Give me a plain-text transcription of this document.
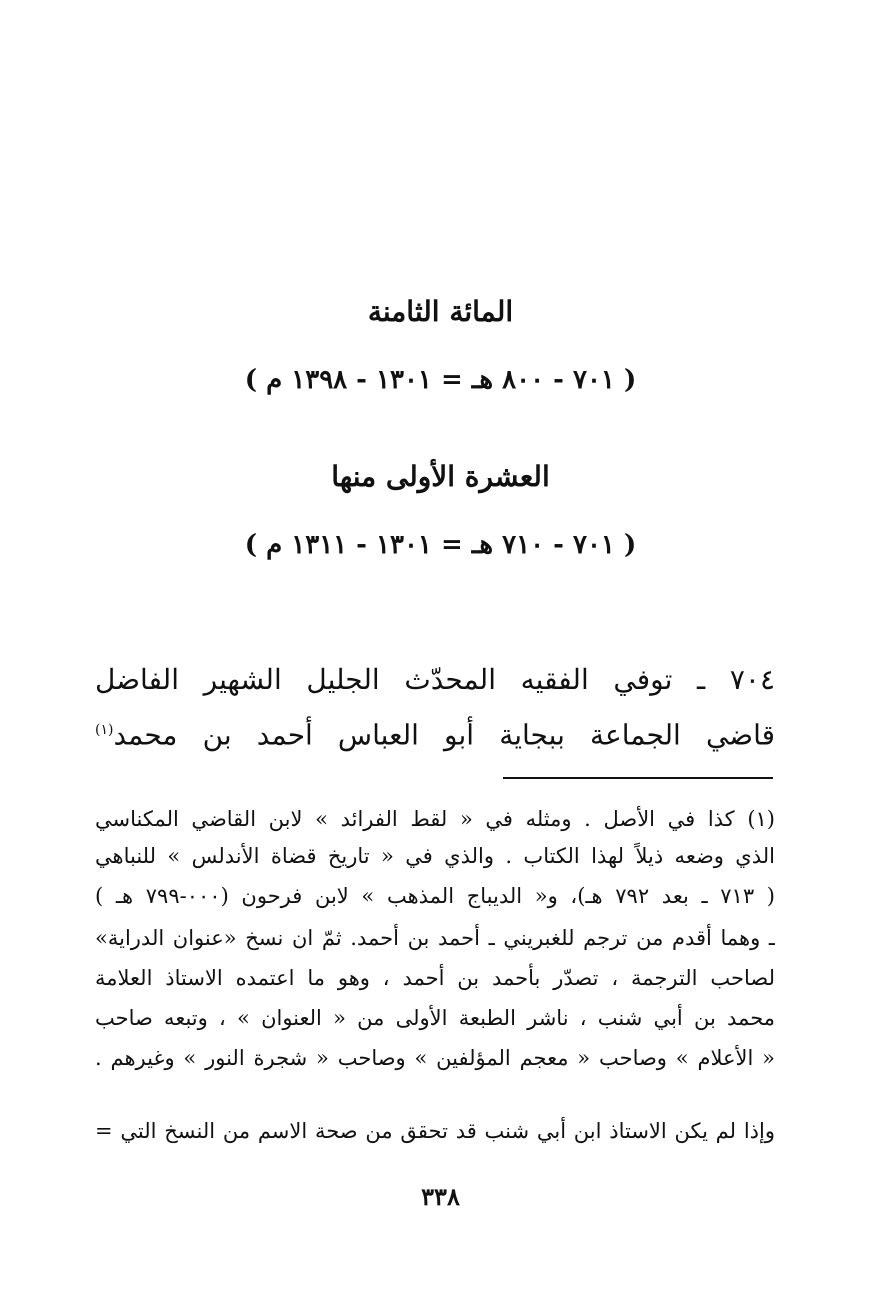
المائة الثامنة
( ٧٠١ - ٨٠٠ هـ = ١٣٠١ - ١٣٩٨ م )
العشرة الأولى منها
( ٧٠١ - ٧١٠ هـ = ١٣٠١ - ١٣١١ م )
٧٠٤ ـ توفي الفقيه المحدّث الجليل الشهير الفاضل
قاضي الجماعة ببجاية أبو العباس أحمد بن محمد$^{(١)}$
(١) كذا في الأصل . ومثله في « لقط الفرائد » لابن القاضي المكناسي
الذي وضعه ذيلاً لهذا الكتاب . والذي في « تاريخ قضاة الأندلس » للنباهي
( ٧١٣ ـ بعد ٧٩٢ هـ)، و« الديباج المذهب » لابن فرحون (٠٠٠-٧٩٩ هـ )
ـ وهما أقدم من ترجم للغبريني ـ أحمد بن أحمد. ثمّ ان نسخ «عنوان الدراية»
لصاحب الترجمة ، تصدّر بأحمد بن أحمد ، وهو ما اعتمده الاستاذ العلامة
محمد بن أبي شنب ، ناشر الطبعة الأولى من « العنوان » ، وتبعه صاحب
« الأعلام » وصاحب « معجم المؤلفين » وصاحب « شجرة النور » وغيرهم .
وإذا لم يكن الاستاذ ابن أبي شنب قد تحقق من صحة الاسم من النسخ التي =
٣٣٨
